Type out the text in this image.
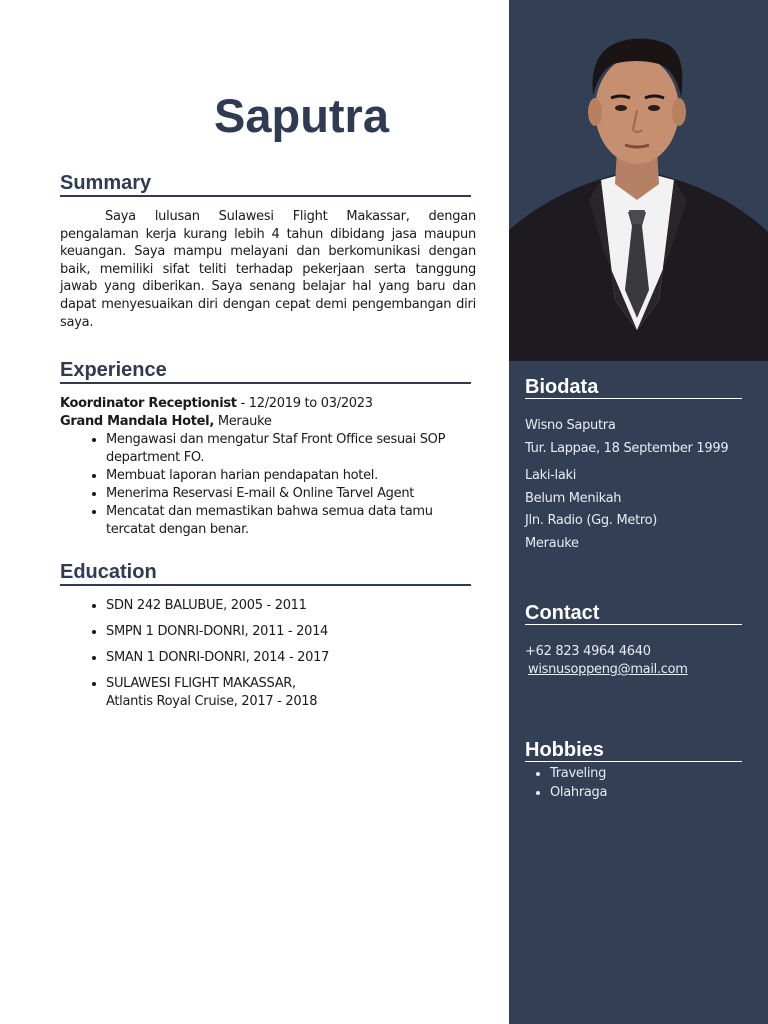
Saputra
Summary
Saya lulusan Sulawesi Flight Makassar, dengan pengalaman kerja kurang lebih 4 tahun dibidang jasa maupun keuangan. Saya mampu melayani dan berkomunikasi dengan baik, memiliki sifat teliti terhadap pekerjaan serta tanggung jawab yang diberikan. Saya senang belajar hal yang baru dan dapat menyesuaikan diri dengan cepat demi pengembangan diri saya.
Experience
Koordinator Receptionist - 12/2019 to 03/2023
Grand Mandala Hotel, Merauke
• Mengawasi dan mengatur Staf Front Office sesuai SOP department FO.
• Membuat laporan harian pendapatan hotel.
• Menerima Reservasi E-mail & Online Tarvel Agent
• Mencatat dan memastikan bahwa semua data tamu tercatat dengan benar.
Education
• SDN 242 BALUBUE, 2005 - 2011
• SMPN 1 DONRI-DONRI, 2011 - 2014
• SMAN 1 DONRI-DONRI, 2014 - 2017
• SULAWESI FLIGHT MAKASSAR,
Atlantis Royal Cruise, 2017 - 2018
Biodata
Wisno Saputra
Tur. Lappae, 18 September 1999
Laki-laki
Belum Menikah
Jln. Radio (Gg. Metro)
Merauke
Contact
+62 823 4964 4640
wisnusoppeng@mail.com
Hobbies
• Traveling
• Olahraga
